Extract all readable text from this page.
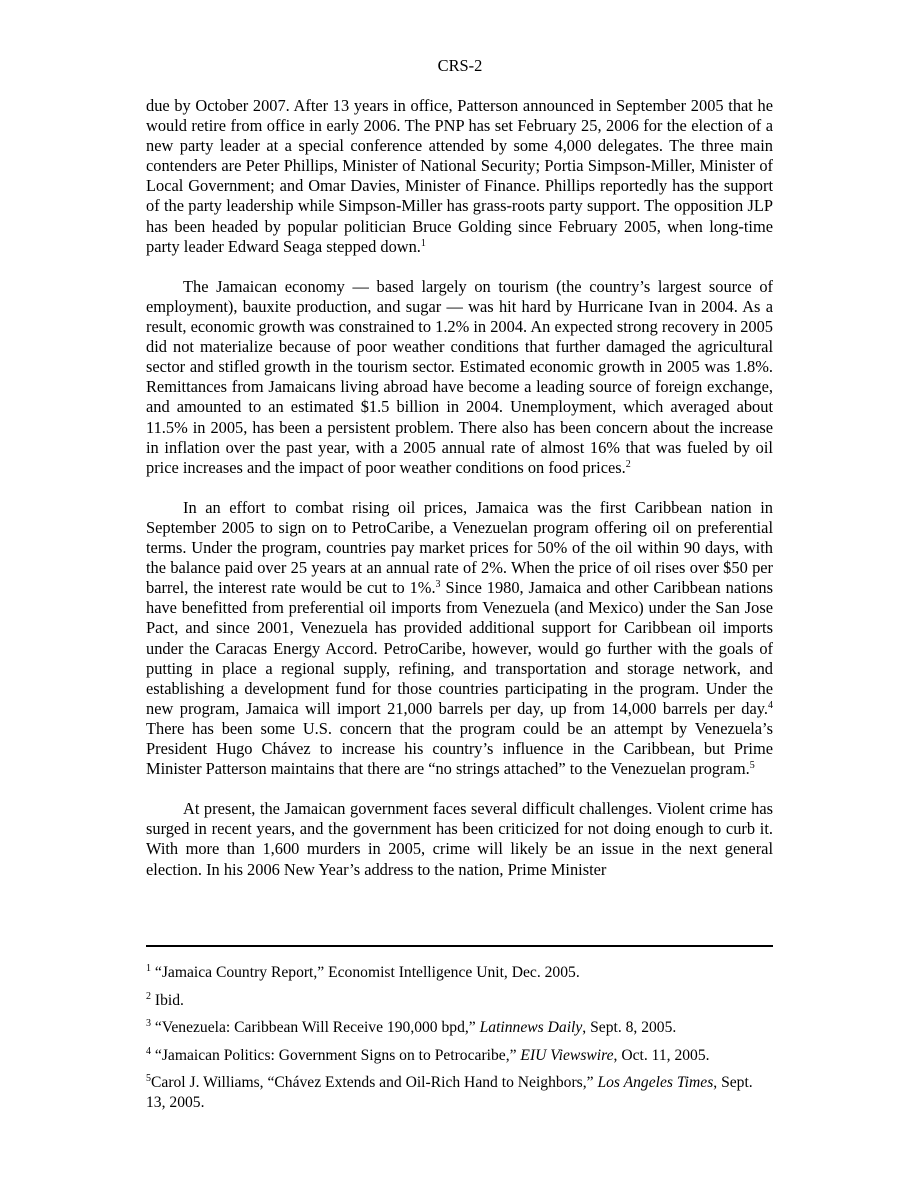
CRS-2

due by October 2007. After 13 years in office, Patterson announced in September 2005 that he would retire from office in early 2006. The PNP has set February 25, 2006 for the election of a new party leader at a special conference attended by some 4,000 delegates. The three main contenders are Peter Phillips, Minister of National Security; Portia Simpson-Miller, Minister of Local Government; and Omar Davies, Minister of Finance. Phillips reportedly has the support of the party leadership while Simpson-Miller has grass-roots party support. The opposition JLP has been headed by popular politician Bruce Golding since February 2005, when long-time party leader Edward Seaga stepped down.$^1$

The Jamaican economy — based largely on tourism (the country’s largest source of employment), bauxite production, and sugar — was hit hard by Hurricane Ivan in 2004. As a result, economic growth was constrained to 1.2% in 2004. An expected strong recovery in 2005 did not materialize because of poor weather conditions that further damaged the agricultural sector and stifled growth in the tourism sector. Estimated economic growth in 2005 was 1.8%. Remittances from Jamaicans living abroad have become a leading source of foreign exchange, and amounted to an estimated $1.5 billion in 2004. Unemployment, which averaged about 11.5% in 2005, has been a persistent problem. There also has been concern about the increase in inflation over the past year, with a 2005 annual rate of almost 16% that was fueled by oil price increases and the impact of poor weather conditions on food prices.$^2$

In an effort to combat rising oil prices, Jamaica was the first Caribbean nation in September 2005 to sign on to PetroCaribe, a Venezuelan program offering oil on preferential terms. Under the program, countries pay market prices for 50% of the oil within 90 days, with the balance paid over 25 years at an annual rate of 2%. When the price of oil rises over $50 per barrel, the interest rate would be cut to 1%.$^3$ Since 1980, Jamaica and other Caribbean nations have benefitted from preferential oil imports from Venezuela (and Mexico) under the San Jose Pact, and since 2001, Venezuela has provided additional support for Caribbean oil imports under the Caracas Energy Accord. PetroCaribe, however, would go further with the goals of putting in place a regional supply, refining, and transportation and storage network, and establishing a development fund for those countries participating in the program. Under the new program, Jamaica will import 21,000 barrels per day, up from 14,000 barrels per day.$^4$ There has been some U.S. concern that the program could be an attempt by Venezuela’s President Hugo Chávez to increase his country’s influence in the Caribbean, but Prime Minister Patterson maintains that there are “no strings attached” to the Venezuelan program.$^5$

At present, the Jamaican government faces several difficult challenges. Violent crime has surged in recent years, and the government has been criticized for not doing enough to curb it. With more than 1,600 murders in 2005, crime will likely be an issue in the next general election. In his 2006 New Year’s address to the nation, Prime Minister

$^1$ “Jamaica Country Report,” Economist Intelligence Unit, Dec. 2005.

$^2$ Ibid.

$^3$ “Venezuela: Caribbean Will Receive 190,000 bpd,” Latinnews Daily, Sept. 8, 2005.

$^4$ “Jamaican Politics: Government Signs on to Petrocaribe,” EIU Viewswire, Oct. 11, 2005.

$^5$Carol J. Williams, “Chávez Extends and Oil-Rich Hand to Neighbors,” Los Angeles Times, Sept. 13, 2005.
